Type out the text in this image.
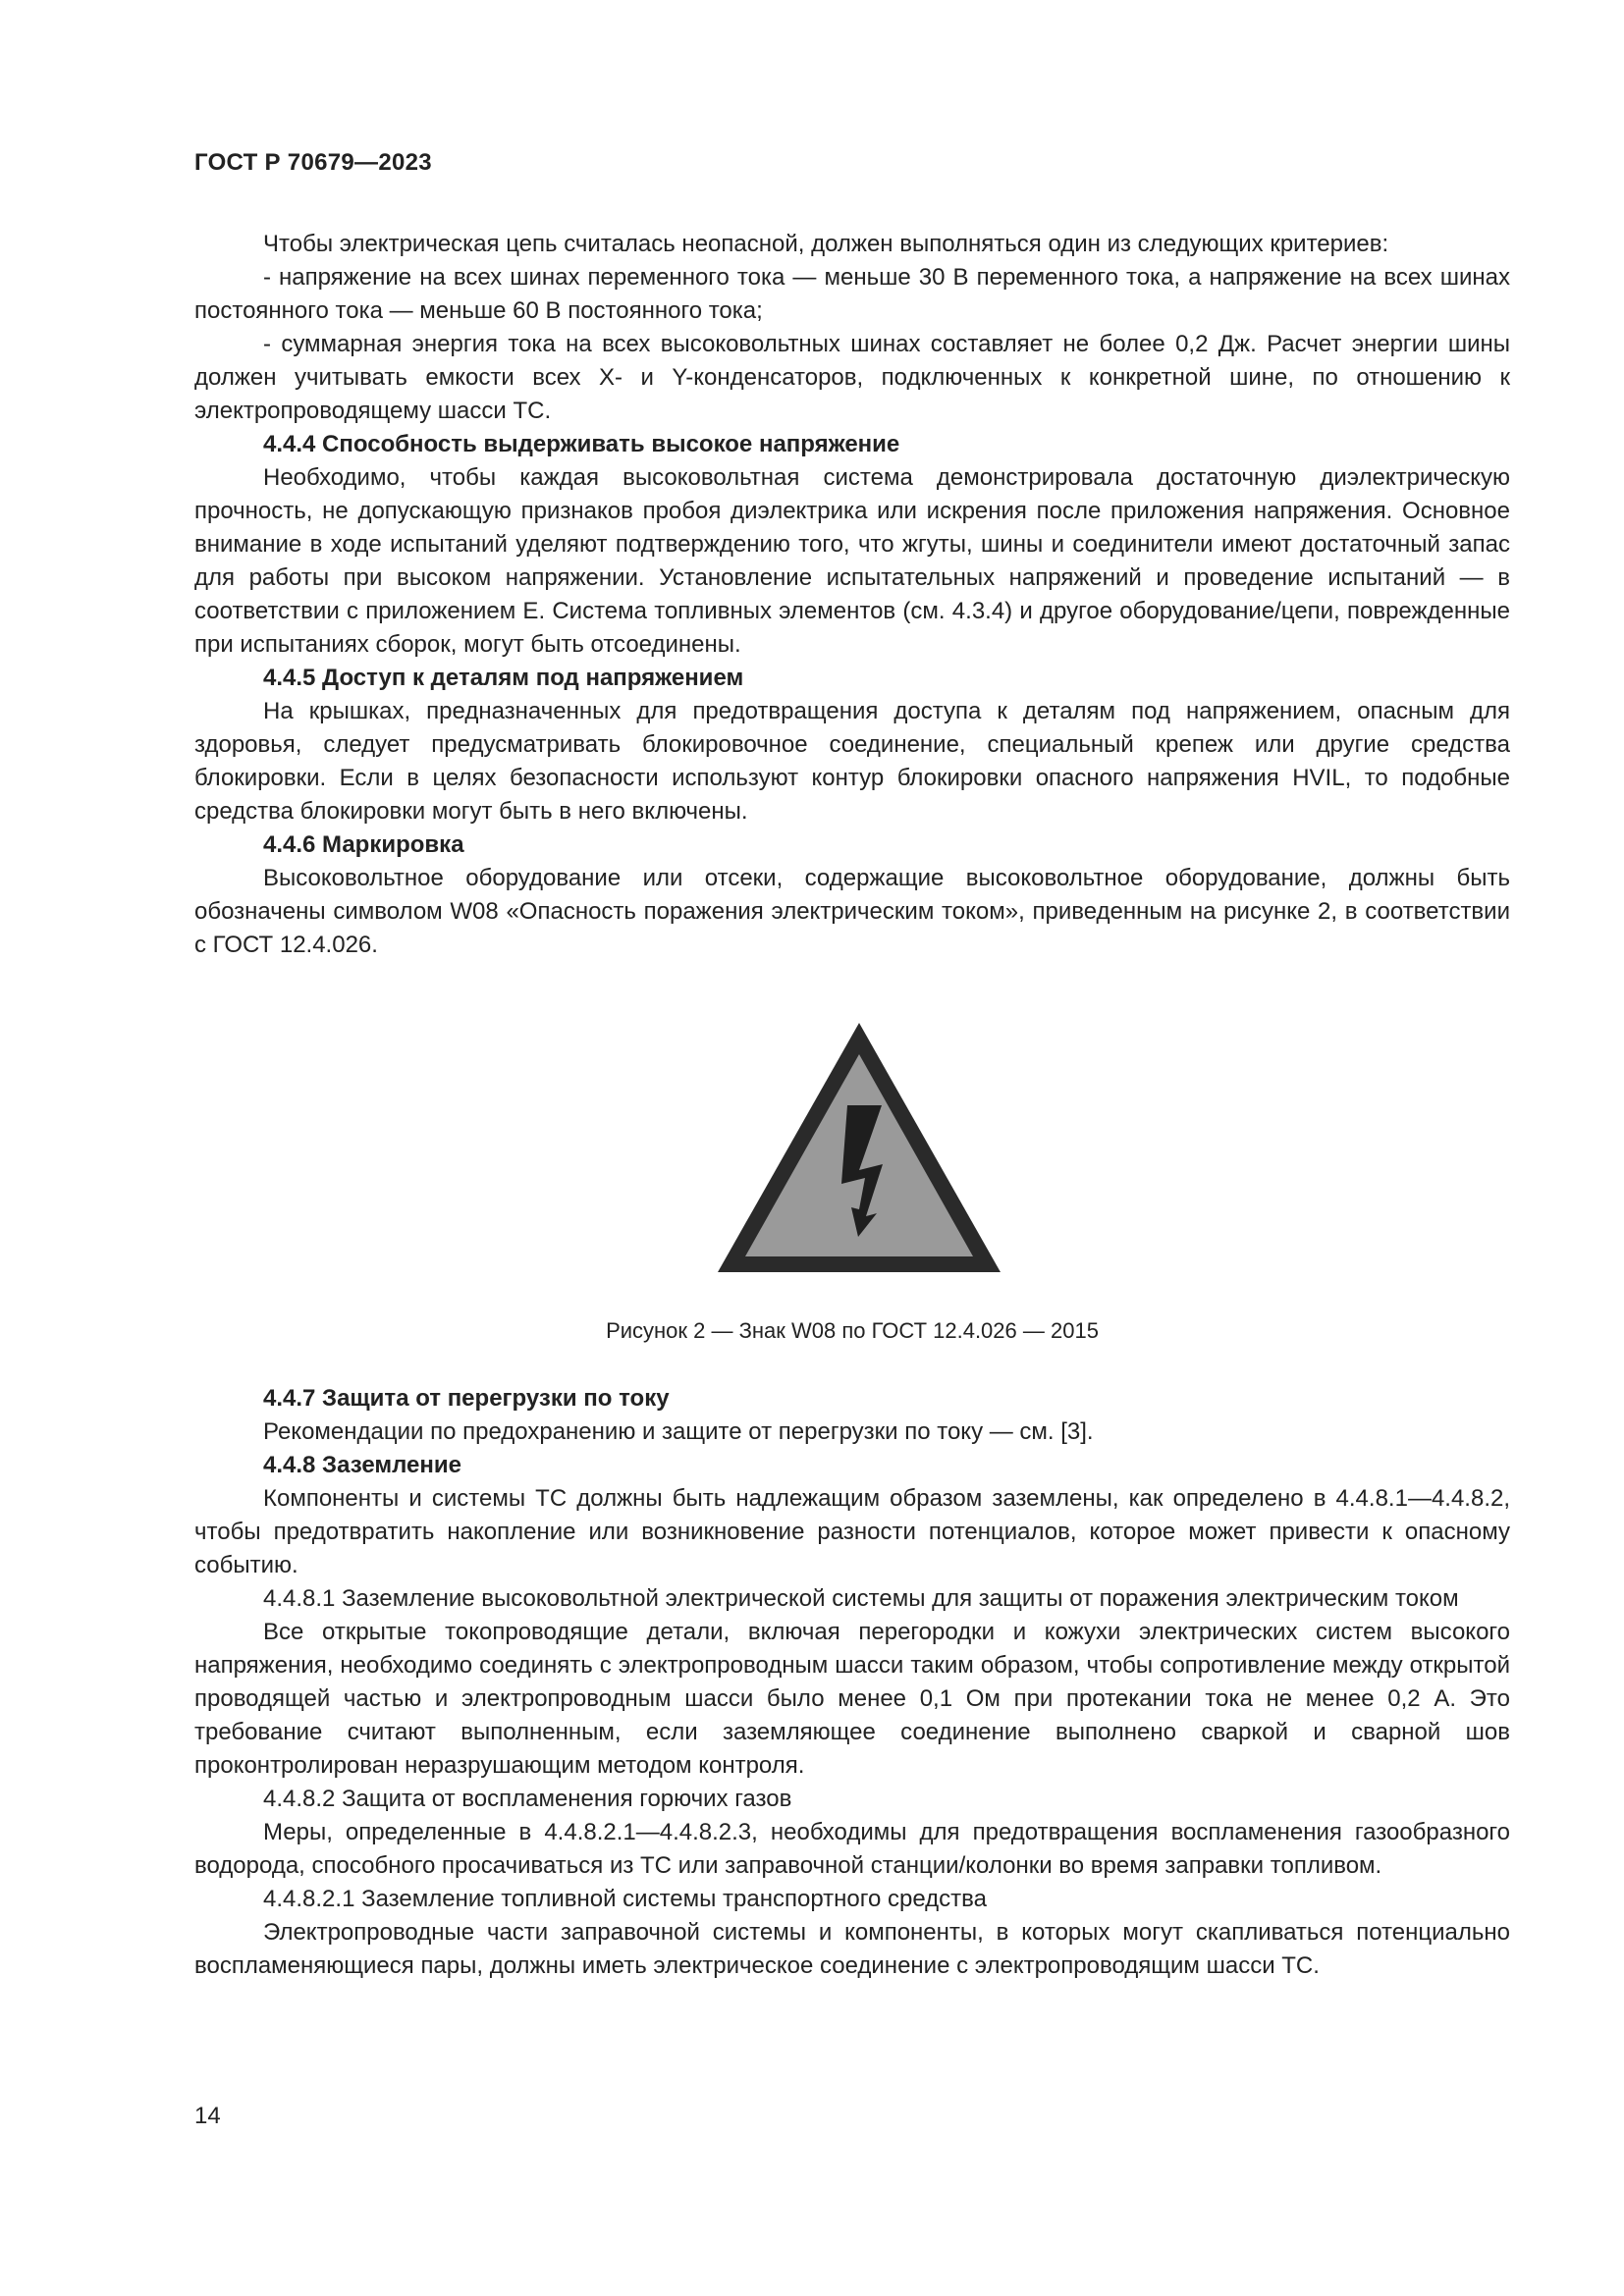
ГОСТ Р 70679—2023

Чтобы электрическая цепь считалась неопасной, должен выполняться один из следующих критериев:

- напряжение на всех шинах переменного тока — меньше 30 В переменного тока, а напряжение на всех шинах постоянного тока — меньше 60 В постоянного тока;

- суммарная энергия тока на всех высоковольтных шинах составляет не более 0,2 Дж. Расчет энергии шины должен учитывать емкости всех X- и Y-конденсаторов, подключенных к конкретной шине, по отношению к электропроводящему шасси ТС.

4.4.4 Способность выдерживать высокое напряжение

Необходимо, чтобы каждая высоковольтная система демонстрировала достаточную диэлектрическую прочность, не допускающую признаков пробоя диэлектрика или искрения после приложения напряжения. Основное внимание в ходе испытаний уделяют подтверждению того, что жгуты, шины и соединители имеют достаточный запас для работы при высоком напряжении. Установление испытательных напряжений и проведение испытаний — в соответствии с приложением Е. Система топливных элементов (см. 4.3.4) и другое оборудование/цепи, поврежденные при испытаниях сборок, могут быть отсоединены.

4.4.5 Доступ к деталям под напряжением

На крышках, предназначенных для предотвращения доступа к деталям под напряжением, опасным для здоровья, следует предусматривать блокировочное соединение, специальный крепеж или другие средства блокировки. Если в целях безопасности используют контур блокировки опасного напряжения HVIL, то подобные средства блокировки могут быть в него включены.

4.4.6 Маркировка

Высоковольтное оборудование или отсеки, содержащие высоковольтное оборудование, должны быть обозначены символом W08 «Опасность поражения электрическим током», приведенным на рисунке 2, в соответствии с ГОСТ 12.4.026.

Рисунок 2 — Знак W08 по ГОСТ 12.4.026 — 2015

4.4.7 Защита от перегрузки по току

Рекомендации по предохранению и защите от перегрузки по току — см. [3].

4.4.8 Заземление

Компоненты и системы ТС должны быть надлежащим образом заземлены, как определено в 4.4.8.1—4.4.8.2, чтобы предотвратить накопление или возникновение разности потенциалов, которое может привести к опасному событию.

4.4.8.1 Заземление высоковольтной электрической системы для защиты от поражения электрическим током

Все открытые токопроводящие детали, включая перегородки и кожухи электрических систем высокого напряжения, необходимо соединять с электропроводным шасси таким образом, чтобы сопротивление между открытой проводящей частью и электропроводным шасси было менее 0,1 Ом при протекании тока не менее 0,2 А. Это требование считают выполненным, если заземляющее соединение выполнено сваркой и сварной шов проконтролирован неразрушающим методом контроля.

4.4.8.2 Защита от воспламенения горючих газов

Меры, определенные в 4.4.8.2.1—4.4.8.2.3, необходимы для предотвращения воспламенения газообразного водорода, способного просачиваться из ТС или заправочной станции/колонки во время заправки топливом.

4.4.8.2.1 Заземление топливной системы транспортного средства

Электропроводные части заправочной системы и компоненты, в которых могут скапливаться потенциально воспламеняющиеся пары, должны иметь электрическое соединение с электропроводящим шасси ТС.

14
